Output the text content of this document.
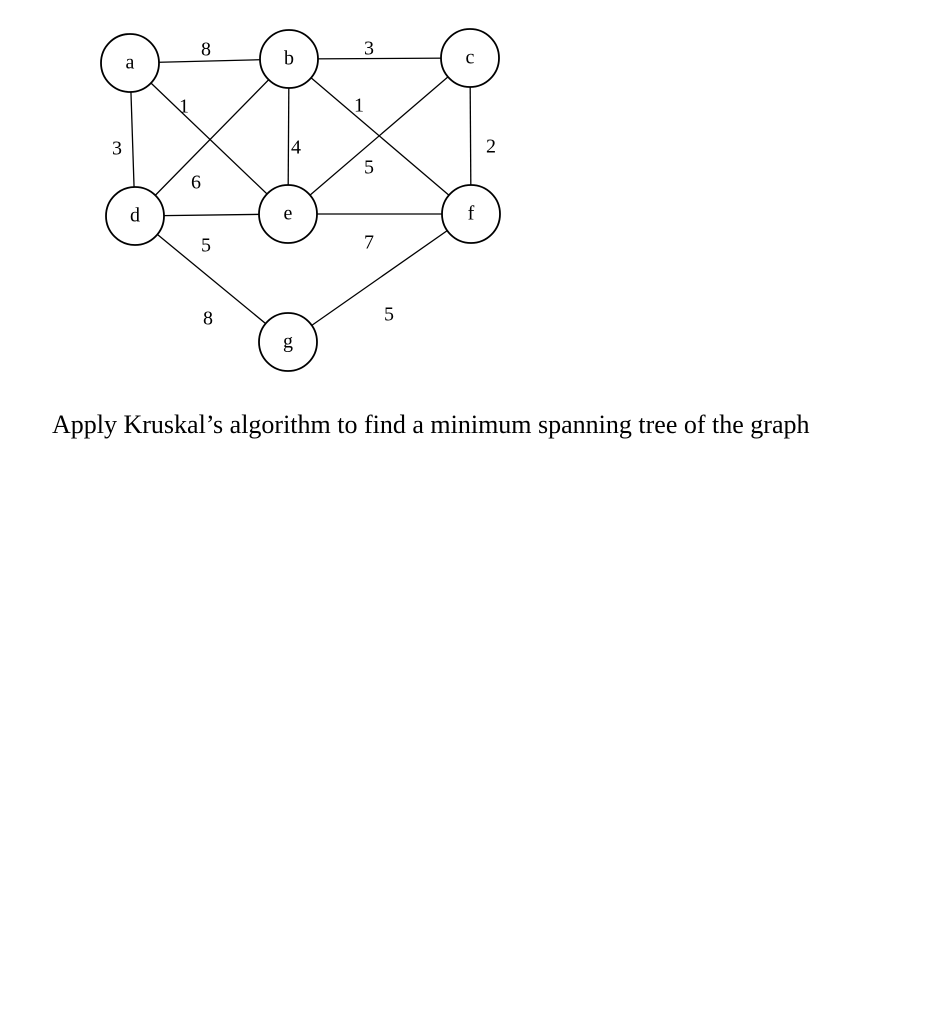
8	3
3
1
6
4
1
5
2
5	7
8	5
a	b	c
d	e	f
g

Apply Kruskal’s algorithm to find a minimum spanning tree of the graph
